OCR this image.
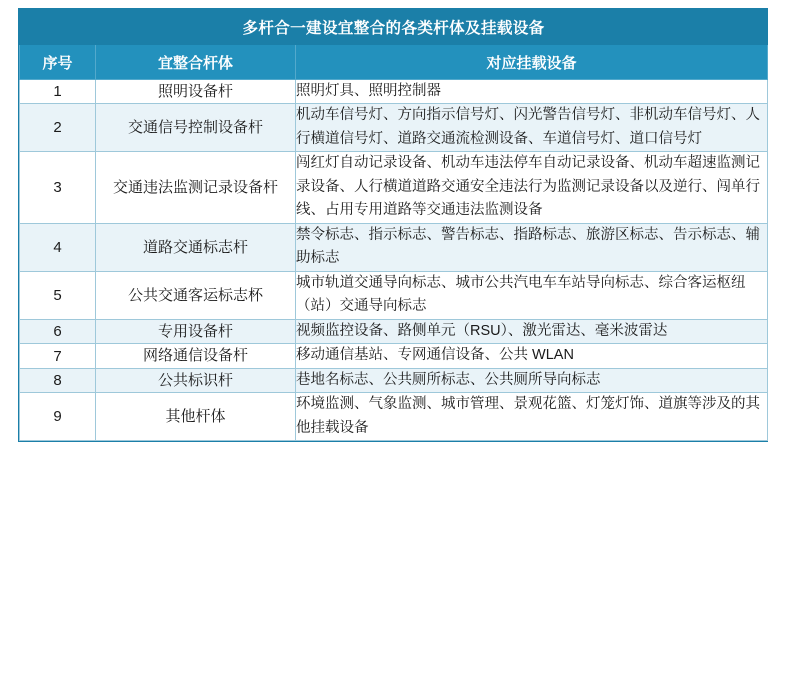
多杆合一建设宜整合的各类杆体及挂载设备		
序号	宜整合杆体	对应挂载设备
1	照明设备杆	照明灯具、照明控制器
2	交通信号控制设备杆	机动车信号灯、方向指示信号灯、闪光警告信号灯、非机动车信号灯、人行横道信号灯、道路交通流检测设备、车道信号灯、道口信号灯
3	交通违法监测记录设备杆	闯红灯自动记录设备、机动车违法停车自动记录设备、机动车超速监测记录设备、人行横道道路交通安全违法行为监测记录设备以及逆行、闯单行线、占用专用道路等交通违法监测设备
4	道路交通标志杆	禁令标志、指示标志、警告标志、指路标志、旅游区标志、告示标志、辅助标志
5	公共交通客运标志杯	城市轨道交通导向标志、城市公共汽电车车站导向标志、综合客运枢纽（站）交通导向标志
6	专用设备杆	视频监控设备、路侧单元（RSU）、激光雷达、毫米波雷达
7	网络通信设备杆	移动通信基站、专网通信设备、公共 WLAN
8	公共标识杆	巷地名标志、公共厕所标志、公共厕所导向标志
9	其他杆体	环境监测、气象监测、城市管理、景观花篮、灯笼灯饰、道旗等涉及的其他挂载设备
